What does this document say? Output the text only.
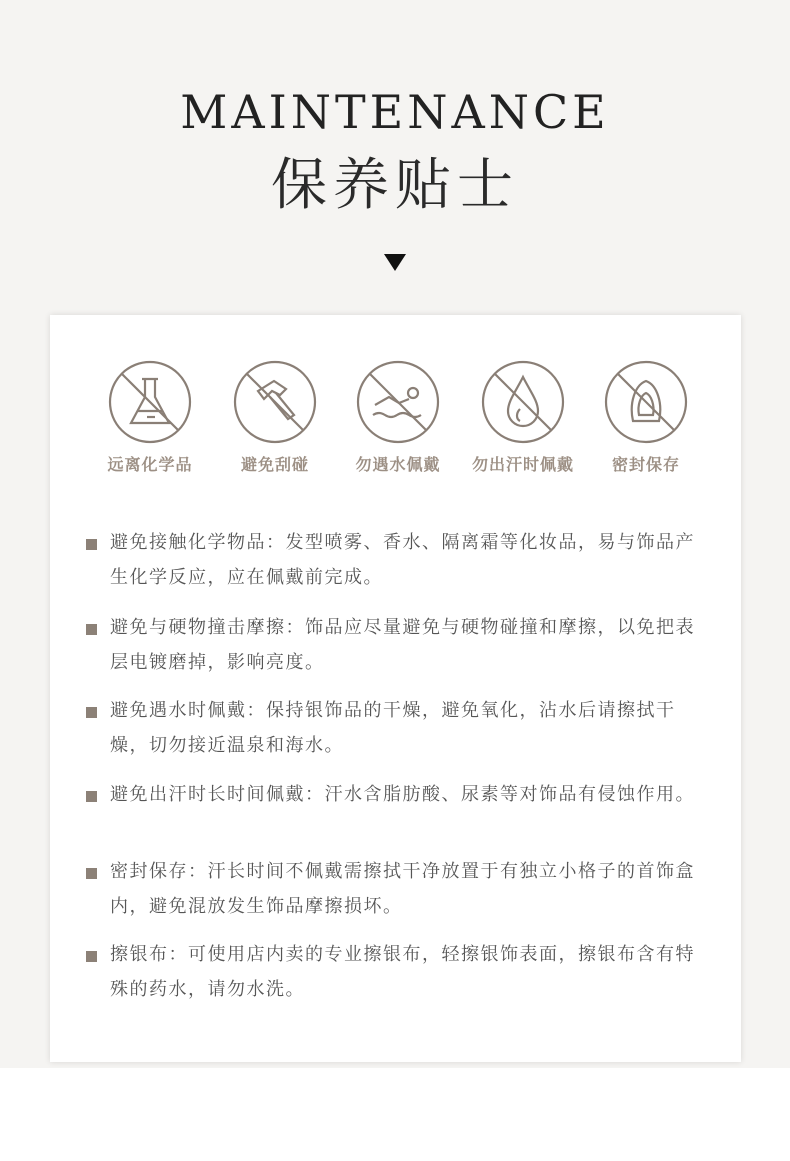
MAINTENANCE
保养贴士
远离化学品	避免刮碰	勿遇水佩戴	勿出汗时佩戴	密封保存

避免接触化学物品：发型喷雾、香水、隔离霜等化妆品，易与饰品产生化学反应，应在佩戴前完成。

避免与硬物撞击摩擦：饰品应尽量避免与硬物碰撞和摩擦，以免把表层电镀磨掉，影响亮度。

避免遇水时佩戴：保持银饰品的干燥，避免氧化，沾水后请擦拭干燥，切勿接近温泉和海水。

避免出汗时长时间佩戴：汗水含脂肪酸、尿素等对饰品有侵蚀作用。

密封保存：汗长时间不佩戴需擦拭干净放置于有独立小格子的首饰盒内，避免混放发生饰品摩擦损坏。

擦银布：可使用店内卖的专业擦银布，轻擦银饰表面，擦银布含有特殊的药水，请勿水洗。
